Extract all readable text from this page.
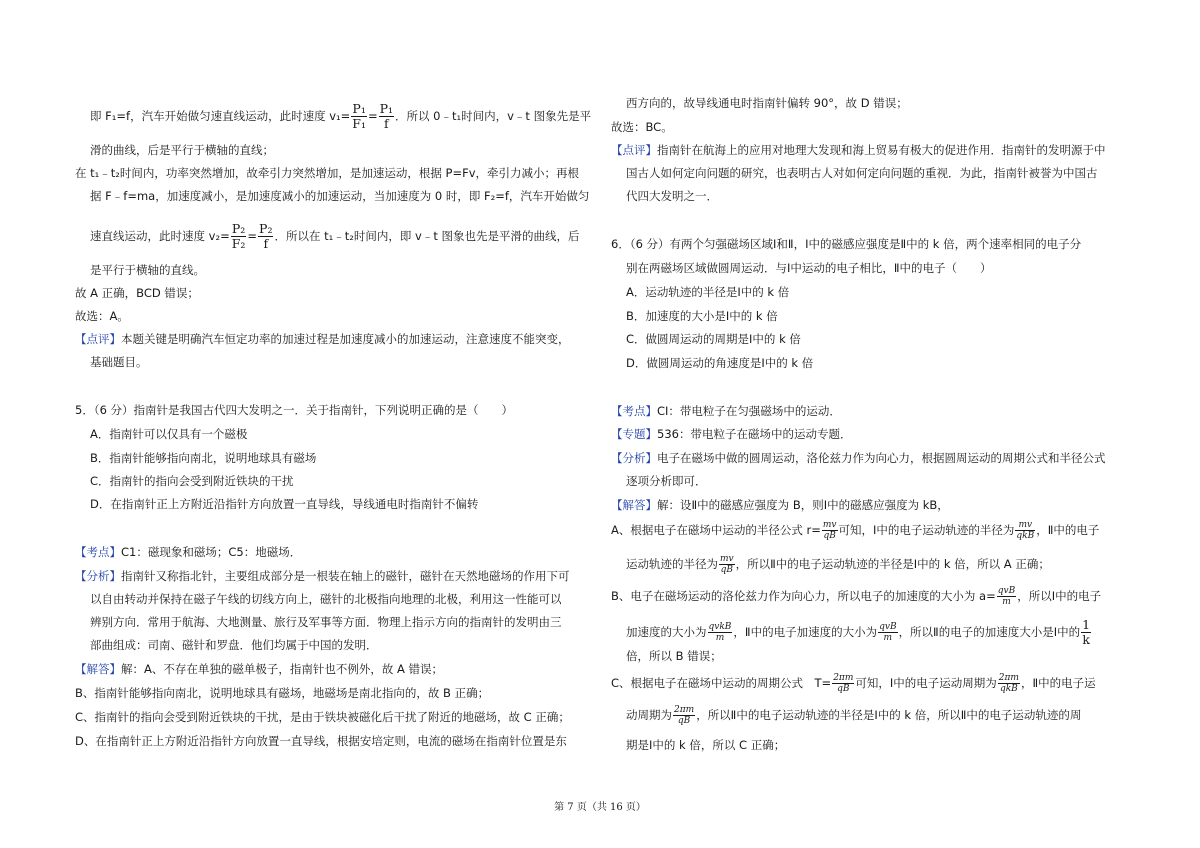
即 F₁=f，汽车开始做匀速直线运动，此时速度 $v_1= \frac{\text{P₁}}{\text{F₁}} = \frac{\text{P₁}}{f}$ ．所以 0﹣t₁时间内，v﹣t 图象先是平
滑的曲线，后是平行于横轴的直线；
在 t₁﹣t₂时间内，功率突然增加，故牵引力突然增加，是加速运动，根据 P=Fv，牵引力减小；再根
据 F﹣f=ma，加速度减小，是加速度减小的加速运动，当加速度为 0 时，即 F₂=f，汽车开始做匀
速直线运动，此时速度 $v_2= \frac{\text{P₂}}{\text{F₂}} = \frac{\text{P₂}}{f}$ ．所以在 t₁﹣t₂时间内，即 v﹣t 图象也先是平滑的曲线，后
是平行于横轴的直线。
故 A 正确，BCD 错误；
故选：A。
【点评】本题关键是明确汽车恒定功率的加速过程是加速度减小的加速运动，注意速度不能突变，
基础题目。
5．（6 分）指南针是我国古代四大发明之一．关于指南针，下列说明正确的是（　　）
A．指南针可以仅具有一个磁极
B．指南针能够指向南北，说明地球具有磁场
C．指南针的指向会受到附近铁块的干扰
D．在指南针正上方附近沿指针方向放置一直导线，导线通电时指南针不偏转
【考点】C1：磁现象和磁场；C5：地磁场．
【分析】指南针又称指北针，主要组成部分是一根装在轴上的磁针，磁针在天然地磁场的作用下可
以自由转动并保持在磁子午线的切线方向上，磁针的北极指向地理的北极，利用这一性能可以
辨别方向．常用于航海、大地测量、旅行及军事等方面．物理上指示方向的指南针的发明由三
部曲组成：司南、磁针和罗盘．他们均属于中国的发明．
【解答】解：A、不存在单独的磁单极子，指南针也不例外，故 A 错误；
B、指南针能够指向南北，说明地球具有磁场，地磁场是南北指向的，故 B 正确；
C、指南针的指向会受到附近铁块的干扰，是由于铁块被磁化后干扰了附近的地磁场，故 C 正确；
D、在指南针正上方附近沿指针方向放置一直导线，根据安培定则，电流的磁场在指南针位置是东
西方向的，故导线通电时指南针偏转 90°，故 D 错误；
故选：BC。
【点评】指南针在航海上的应用对地理大发现和海上贸易有极大的促进作用．指南针的发明源于中
国古人如何定向问题的研究，也表明古人对如何定向问题的重视．为此，指南针被誉为中国古
代四大发明之一．
6．（6 分）有两个匀强磁场区域Ⅰ和Ⅱ，Ⅰ中的磁感应强度是Ⅱ中的 k 倍，两个速率相同的电子分
别在两磁场区域做圆周运动．与Ⅰ中运动的电子相比，Ⅱ中的电子（　　）
A．运动轨迹的半径是Ⅰ中的 k 倍
B．加速度的大小是Ⅰ中的 k 倍
C．做圆周运动的周期是Ⅰ中的 k 倍
D．做圆周运动的角速度是Ⅰ中的 k 倍
【考点】CI：带电粒子在匀强磁场中的运动．
【专题】536：带电粒子在磁场中的运动专题．
【分析】电子在磁场中做的圆周运动，洛伦兹力作为向心力，根据圆周运动的周期公式和半径公式
逐项分析即可．
【解答】解：设Ⅱ中的磁感应强度为 B，则Ⅰ中的磁感应强度为 kB，
A、根据电子在磁场中运动的半径公式 $r= \frac{mv}{qB}$ 可知，Ⅰ中的电子运动轨迹的半径为 $\frac{mv}{\text{qkB}}$ ，Ⅱ中的电子
运动轨迹的半径为 $\frac{mv}{qB}$ ，所以Ⅱ中的电子运动轨迹的半径是Ⅰ中的 k 倍，所以 A 正确；
B、电子在磁场运动的洛伦兹力作为向心力，所以电子的加速度的大小为 $a= \frac{\text{qvB}}{m}$ ，所以Ⅰ中的电子
加速度的大小为 $\frac{\text{qvkB}}{m}$ ，Ⅱ中的电子加速度的大小为 $\frac{\text{qvB}}{m}$ ，所以Ⅱ的电子的加速度大小是Ⅰ中的 $\frac{1}{k}$
倍，所以 B 错误；
C、根据电子在磁场中运动的周期公式　$T= \frac{2\pi m}{qB}$ 可知，Ⅰ中的电子运动周期为 $\frac{2\pi m}{\text{qkB}}$ ，Ⅱ中的电子运
动周期为 $\frac{2\pi m}{qB}$ ，所以Ⅱ中的电子运动轨迹的半径是Ⅰ中的 k 倍，所以Ⅱ中的电子运动轨迹的周
期是Ⅰ中的 k 倍，所以 C 正确；
第 7 页（共 16 页）
